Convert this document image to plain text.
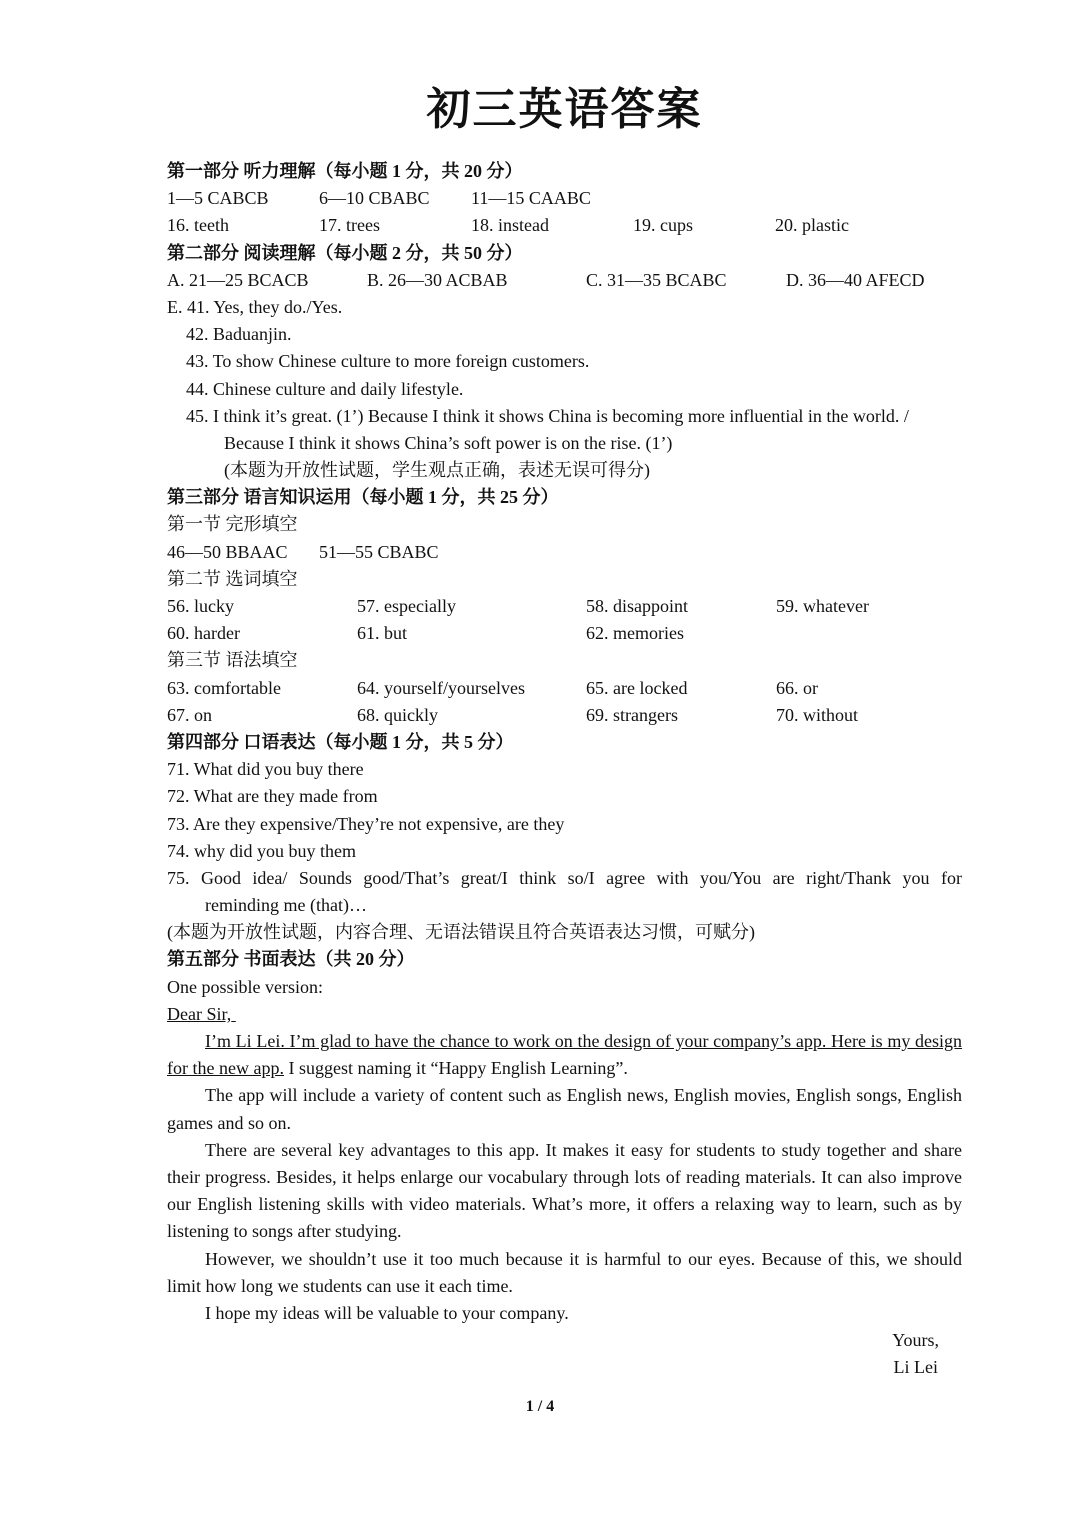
初三英语答案
第一部分 听力理解（每小题 1 分，共 20 分）
1—5 CABCB	6—10 CBABC	11—15 CAABC
16. teeth	17. trees	18. instead	19. cups	20. plastic
第二部分 阅读理解（每小题 2 分，共 50 分）
A. 21—25 BCACB	B. 26—30 ACBAB	C. 31—35 BCABC	D. 36—40 AFECD
E. 41. Yes, they do./Yes.
42. Baduanjin.
43. To show Chinese culture to more foreign customers.
44. Chinese culture and daily lifestyle.
45. I think it’s great. (1’) Because I think it shows China is becoming more influential in the world. /
Because I think it shows China’s soft power is on the rise. (1’)
(本题为开放性试题，学生观点正确，表述无误可得分)
第三部分 语言知识运用（每小题 1 分，共 25 分）
第一节 完形填空
46—50 BBAAC	51—55 CBABC
第二节 选词填空
56. lucky	57. especially	58. disappoint	59. whatever
60. harder	61. but	62. memories
第三节 语法填空
63. comfortable	64. yourself/yourselves	65. are locked	66. or
67. on	68. quickly	69. strangers	70. without
第四部分 口语表达（每小题 1 分，共 5 分）
71. What did you buy there
72. What are they made from
73. Are they expensive/They’re not expensive, are they
74. why did you buy them
75. Good idea/ Sounds good/That’s great/I think so/I agree with you/You are right/Thank you for
reminding me (that)…
(本题为开放性试题，内容合理、无语法错误且符合英语表达习惯，可赋分)
第五部分 书面表达（共 20 分）
One possible version:
Dear Sir,

I’m Li Lei. I’m glad to have the chance to work on the design of your company’s app. Here is my design for the new app. I suggest naming it “Happy English Learning”.

The app will include a variety of content such as English news, English movies, English songs, English games and so on.

There are several key advantages to this app. It makes it easy for students to study together and share their progress. Besides, it helps enlarge our vocabulary through lots of reading materials. It can also improve our English listening skills with video materials. What’s more, it offers a relaxing way to learn, such as by listening to songs after studying.

However, we shouldn’t use it too much because it is harmful to our eyes. Because of this, we should limit how long we students can use it each time.

I hope my ideas will be valuable to your company.

Yours,
Li Lei
1 / 4
